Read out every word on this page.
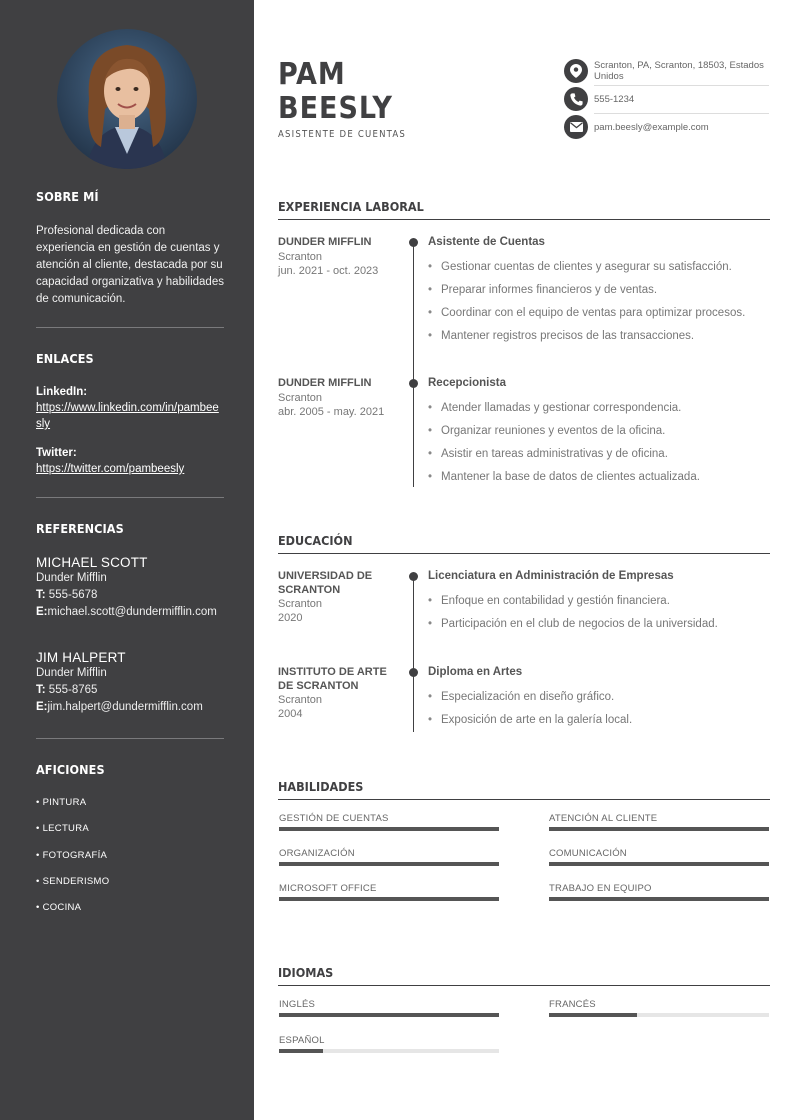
SOBRE MÍ
Profesional dedicada con experiencia en gestión de cuentas y atención al cliente, destacada por su capacidad organizativa y habilidades de comunicación.
ENLACES
LinkedIn:
https://www.linkedin.com/in/pambeesly
Twitter:
https://twitter.com/pambeesly
REFERENCIAS
MICHAEL SCOTT
Dunder Mifflin
T: 555-5678
E:michael.scott@dundermifflin.com
JIM HALPERT
Dunder Mifflin
T: 555-8765
E:jim.halpert@dundermifflin.com
AFICIONES
• PINTURA
• LECTURA
• FOTOGRAFÍA
• SENDERISMO
• COCINA
PAM
BEESLY
ASISTENTE DE CUENTAS
Scranton, PA, Scranton, 18503, Estados Unidos
555-1234
pam.beesly@example.com
EXPERIENCIA LABORAL
DUNDER MIFFLIN
Scranton
jun. 2021 - oct. 2023
Asistente de Cuentas
• Gestionar cuentas de clientes y asegurar su satisfacción.
• Preparar informes financieros y de ventas.
• Coordinar con el equipo de ventas para optimizar procesos.
• Mantener registros precisos de las transacciones.
DUNDER MIFFLIN
Scranton
abr. 2005 - may. 2021
Recepcionista
• Atender llamadas y gestionar correspondencia.
• Organizar reuniones y eventos de la oficina.
• Asistir en tareas administrativas y de oficina.
• Mantener la base de datos de clientes actualizada.
EDUCACIÓN
UNIVERSIDAD DE SCRANTON
Scranton
2020
Licenciatura en Administración de Empresas
• Enfoque en contabilidad y gestión financiera.
• Participación en el club de negocios de la universidad.
INSTITUTO DE ARTE DE SCRANTON
Scranton
2004
Diploma en Artes
• Especialización en diseño gráfico.
• Exposición de arte en la galería local.
HABILIDADES
GESTIÓN DE CUENTAS	ATENCIÓN AL CLIENTE
ORGANIZACIÓN	COMUNICACIÓN
MICROSOFT OFFICE	TRABAJO EN EQUIPO
IDIOMAS
INGLÉS	FRANCÉS
ESPAÑOL
